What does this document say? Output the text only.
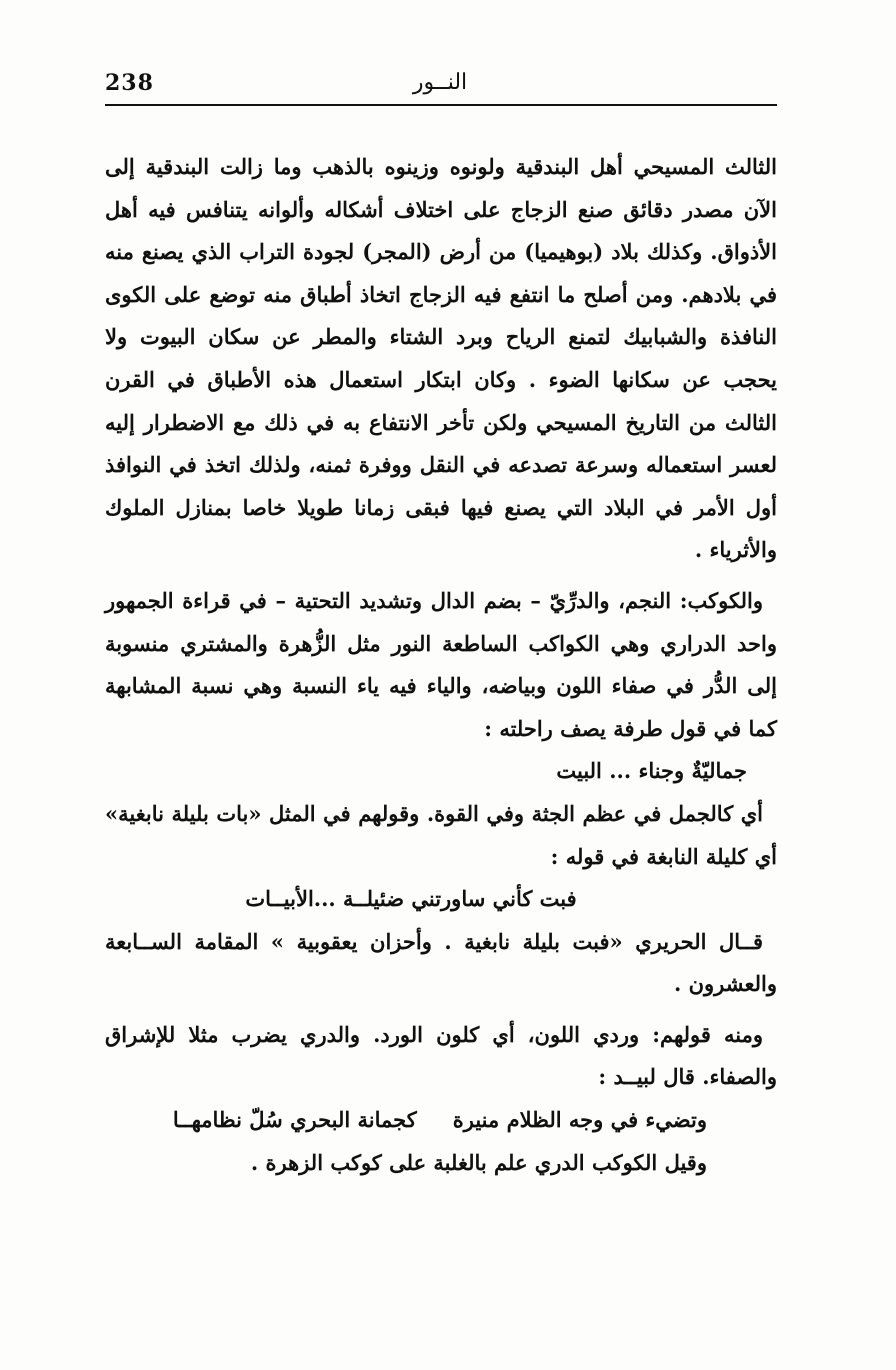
238	النــور

الثالث المسيحي أهل البندقية ولونوه وزينوه بالذهب وما زالت البندقية إلى الآن مصدر دقائق صنع الزجاج على اختلاف أشكاله وألوانه يتنافس فيه أهل الأذواق. وكذلك بلاد (بوهيميا) من أرض (المجر) لجودة التراب الذي يصنع منه في بلادهم. ومن أصلح ما انتفع فيه الزجاج اتخاذ أطباق منه توضع على الكوى النافذة والشبابيك لتمنع الرياح وبرد الشتاء والمطر عن سكان البيوت ولا يحجب عن سكانها الضوء . وكان ابتكار استعمال هذه الأطباق في القرن الثالث من التاريخ المسيحي ولكن تأخر الانتفاع به في ذلك مع الاضطرار إليه لعسر استعماله وسرعة تصدعه في النقل ووفرة ثمنه، ولذلك اتخذ في النوافذ أول الأمر في البلاد التي يصنع فيها فبقى زمانا طويلا خاصا بمنازل الملوك والأثرياء .

والكوكب: النجم، والدرِّيّ – بضم الدال وتشديد التحتية – في قراءة الجمهور واحد الدراري وهي الكواكب الساطعة النور مثل الزُّهرة والمشتري منسوبة إلى الدُّر في صفاء اللون وبياضه، والياء فيه ياء النسبة وهي نسبة المشابهة كما في قول طرفة يصف راحلته :

جماليّةٌ وجناء ... البيت

أي كالجمل في عظم الجثة وفي القوة. وقولهم في المثل «بات بليلة نابغية» أي كليلة النابغة في قوله :

فبت كأني ساورتني ضئيلــة ...الأبيــات

قــال الحريري «فبت بليلة نابغية . وأحزان يعقوبية » المقامة الســابعة والعشرون .

ومنه قولهم: وردي اللون، أي كلون الورد. والدري يضرب مثلا للإشراق والصفاء. قال لبيــد :

وتضيء في وجه الظلام منيرةكجمانة البحري سُلّ نظامهــا

وقيل الكوكب الدري علم بالغلبة على كوكب الزهرة .
